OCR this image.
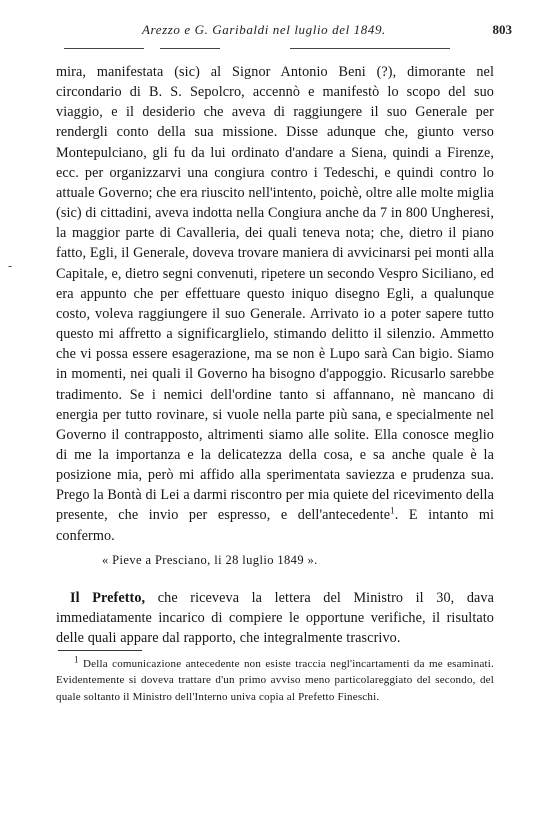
Arezzo e G. Garibaldi nel luglio del 1849.	803
-

mira, manifestata (sic) al Signor Antonio Beni (?), dimorante nel circondario di B. S. Sepolcro, accennò e manifestò lo scopo del suo viaggio, e il desiderio che aveva di raggiungere il suo Generale per rendergli conto della sua missione. Disse adunque che, giunto verso Montepulciano, gli fu da lui ordinato d'andare a Siena, quindi a Firenze, ecc. per organizzarvi una congiura contro i Tedeschi, e quindi contro lo attuale Governo; che era riuscito nell'intento, poichè, oltre alle molte miglia (sic) di cittadini, aveva indotta nella Congiura anche da 7 in 800 Ungheresi, la maggior parte di Cavalleria, dei quali teneva nota; che, dietro il piano fatto, Egli, il Generale, doveva trovare maniera di avvicinarsi pei monti alla Capitale, e, dietro segni convenuti, ripetere un secondo Vespro Siciliano, ed era appunto che per effettuare questo iniquo disegno Egli, a qualunque costo, voleva raggiungere il suo Generale. Arrivato io a poter sapere tutto questo mi affretto a significarglielo, stimando delitto il silenzio. Ammetto che vi possa essere esagerazione, ma se non è Lupo sarà Can bigio. Siamo in momenti, nei quali il Governo ha bisogno d'appoggio. Ricusarlo sarebbe tradimento. Se i nemici dell'ordine tanto si affannano, nè mancano di energia per tutto rovinare, si vuole nella parte più sana, e specialmente nel Governo il contrapposto, altrimenti siamo alle solite. Ella conosce meglio di me la importanza e la delicatezza della cosa, e sa anche quale è la posizione mia, però mi affido alla sperimentata saviezza e prudenza sua. Prego la Bontà di Lei a darmi riscontro per mia quiete del ricevimento della presente, che invio per espresso, e dell'antecedente$^1$. E intanto mi confermo.

« Pieve a Presciano, li 28 luglio 1849 ».

Il Prefetto, che riceveva la lettera del Ministro il 30, dava immediatamente incarico di compiere le opportune verifiche, il risultato delle quali appare dal rapporto, che integralmente trascrivo.

$^1$ Della comunicazione antecedente non esiste traccia negl'incartamenti da me esaminati. Evidentemente si doveva trattare d'un primo avviso meno particolareggiato del secondo, del quale soltanto il Ministro dell'Interno univa copia al Prefetto Fineschi.
